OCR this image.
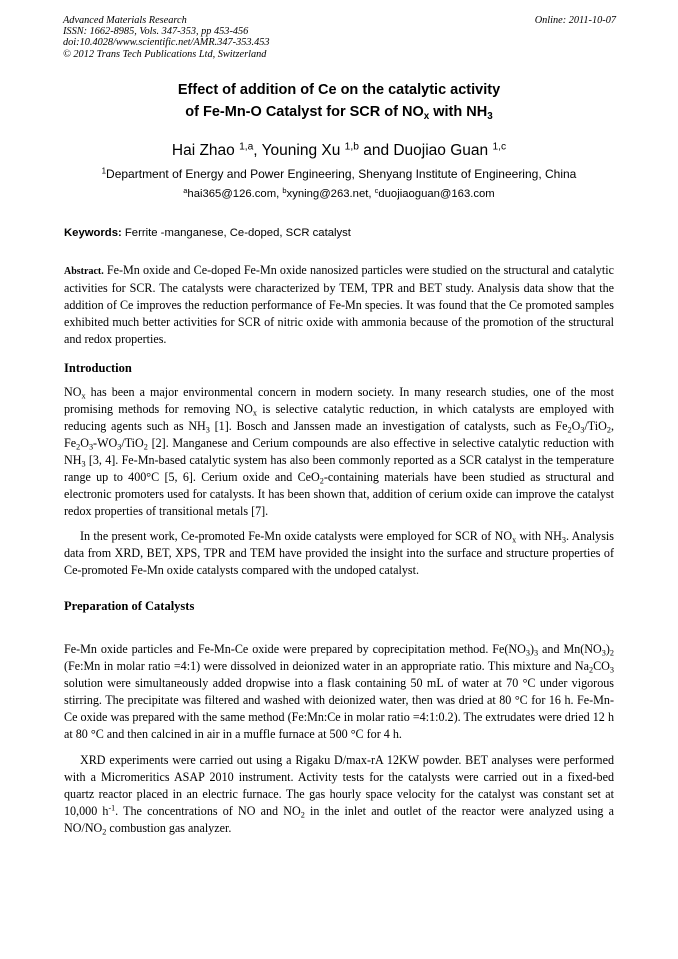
Advanced Materials Research
ISSN: 1662-8985, Vols. 347-353, pp 453-456
doi:10.4028/www.scientific.net/AMR.347-353.453
© 2012 Trans Tech Publications Ltd, Switzerland
Online: 2011-10-07
Effect of addition of Ce on the catalytic activity
of Fe-Mn-O Catalyst for SCR of $NO_x$ with $NH_3$
Hai Zhao $^{1,a}$, Youning Xu $^{1,b}$ and Duojiao Guan $^{1,c}$
$^1$Department of Energy and Power Engineering, Shenyang Institute of Engineering, China
$^a$hai365@126.com, $^b$xyning@263.net, $^c$duojiaoguan@163.com
Keywords: Ferrite -manganese, Ce-doped, SCR catalyst
Abstract. Fe-Mn oxide and Ce-doped Fe-Mn oxide nanosized particles were studied on the structural and catalytic activities for SCR. The catalysts were characterized by TEM, TPR and BET study. Analysis data show that the addition of Ce improves the reduction performance of Fe-Mn species. It was found that the Ce promoted samples exhibited much better activities for SCR of nitric oxide with ammonia because of the promotion of the structural and redox properties.
Introduction
$NO_x$ has been a major environmental concern in modern society. In many research studies, one of the most promising methods for removing $NO_x$ is selective catalytic reduction, in which catalysts are employed with reducing agents such as $NH_3$ [1]. Bosch and Janssen made an investigation of catalysts, such as $Fe_2O_3/TiO_2$, $Fe_2O_3-WO_3/TiO_2$ [2]. Manganese and Cerium compounds are also effective in selective catalytic reduction with $NH_3$ [3, 4]. Fe-Mn-based catalytic system has also been commonly reported as a SCR catalyst in the temperature range up to 400°C [5, 6]. Cerium oxide and CeO$_2$-containing materials have been studied as structural and electronic promoters used for catalysts. It has been shown that, addition of cerium oxide can improve the catalyst redox properties of transitional metals [7].
In the present work, Ce-promoted Fe-Mn oxide catalysts were employed for SCR of $NO_x$ with $NH_3$. Analysis data from XRD, BET, XPS, TPR and TEM have provided the insight into the surface and structure properties of Ce-promoted Fe-Mn oxide catalysts compared with the undoped catalyst.
Preparation of Catalysts
Fe-Mn oxide particles and Fe-Mn-Ce oxide were prepared by coprecipitation method. $Fe(NO_3)_3$ and $Mn(NO_3)_2$ (Fe:Mn in molar ratio =4:1) were dissolved in deionized water in an appropriate ratio. This mixture and $Na_2CO_3$ solution were simultaneously added dropwise into a flask containing 50 mL of water at 70 °C under vigorous stirring. The precipitate was filtered and washed with deionized water, then was dried at 80 °C for 16 h. Fe-Mn-Ce oxide was prepared with the same method (Fe:Mn:Ce in molar ratio =4:1:0.2). The extrudates were dried 12 h at 80 °C and then calcined in air in a muffle furnace at 500 °C for 4 h.
XRD experiments were carried out using a Rigaku D/max-rA 12KW powder. BET analyses were performed with a Micromeritics ASAP 2010 instrument. Activity tests for the catalysts were carried out in a fixed-bed quartz reactor placed in an electric furnace. The gas hourly space velocity for the catalyst was constant set at 10,000 $h^{-1}$. The concentrations of NO and $NO_2$ in the inlet and outlet of the reactor were analyzed using a $NO/NO_2$ combustion gas analyzer.
